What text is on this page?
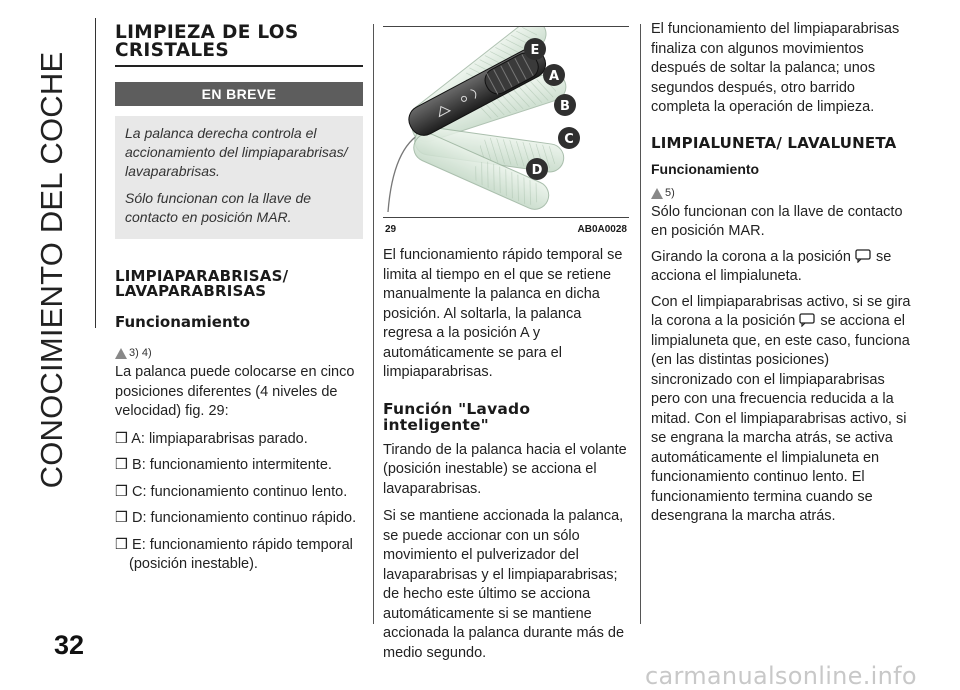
CONOCIMIENTO DEL COCHE
32
carmanualsonline.info
LIMPIEZA DE LOS CRISTALES
EN BREVE

La palanca derecha controla el accionamiento del limpiaparabrisas/ lavaparabrisas.

Sólo funcionan con la llave de contacto en posición MAR.

LIMPIAPARABRISAS/ LAVAPARABRISAS
Funcionamiento
3) 4)

La palanca puede colocarse en cinco posiciones diferentes (4 niveles de velocidad) fig. 29:

❒ A: limpiaparabrisas parado.

❒ B: funcionamiento intermitente.

❒ C: funcionamiento continuo lento.

❒ D: funcionamiento continuo rápido.

❒ E: funcionamiento rápido temporal (posición inestable).

E
A
B
C
D
29	AB0A0028

El funcionamiento rápido temporal se limita al tiempo en el que se retiene manualmente la palanca en dicha posición. Al soltarla, la palanca regresa a la posición A y automáticamente se para el limpiaparabrisas.

Función "Lavado inteligente"

Tirando de la palanca hacia el volante (posición inestable) se acciona el lavaparabrisas.

Si se mantiene accionada la palanca, se puede accionar con un sólo movimiento el pulverizador del lavaparabrisas y el limpiaparabrisas; de hecho este último se acciona automáticamente si se mantiene accionada la palanca durante más de medio segundo.

El funcionamiento del limpiaparabrisas finaliza con algunos movimientos después de soltar la palanca; unos segundos después, otro barrido completa la operación de limpieza.

LIMPIALUNETA/ LAVALUNETA
Funcionamiento
5)

Sólo funcionan con la llave de contacto en posición MAR.

Girando la corona a la posición se acciona el limpialuneta.

Con el limpiaparabrisas activo, si se gira la corona a la posición se acciona el limpialuneta que, en este caso, funciona (en las distintas posiciones) sincronizado con el limpiaparabrisas pero con una frecuencia reducida a la mitad. Con el limpiaparabrisas activo, si se engrana la marcha atrás, se activa automáticamente el limpialuneta en funcionamiento continuo lento. El funcionamiento termina cuando se desengrana la marcha atrás.
